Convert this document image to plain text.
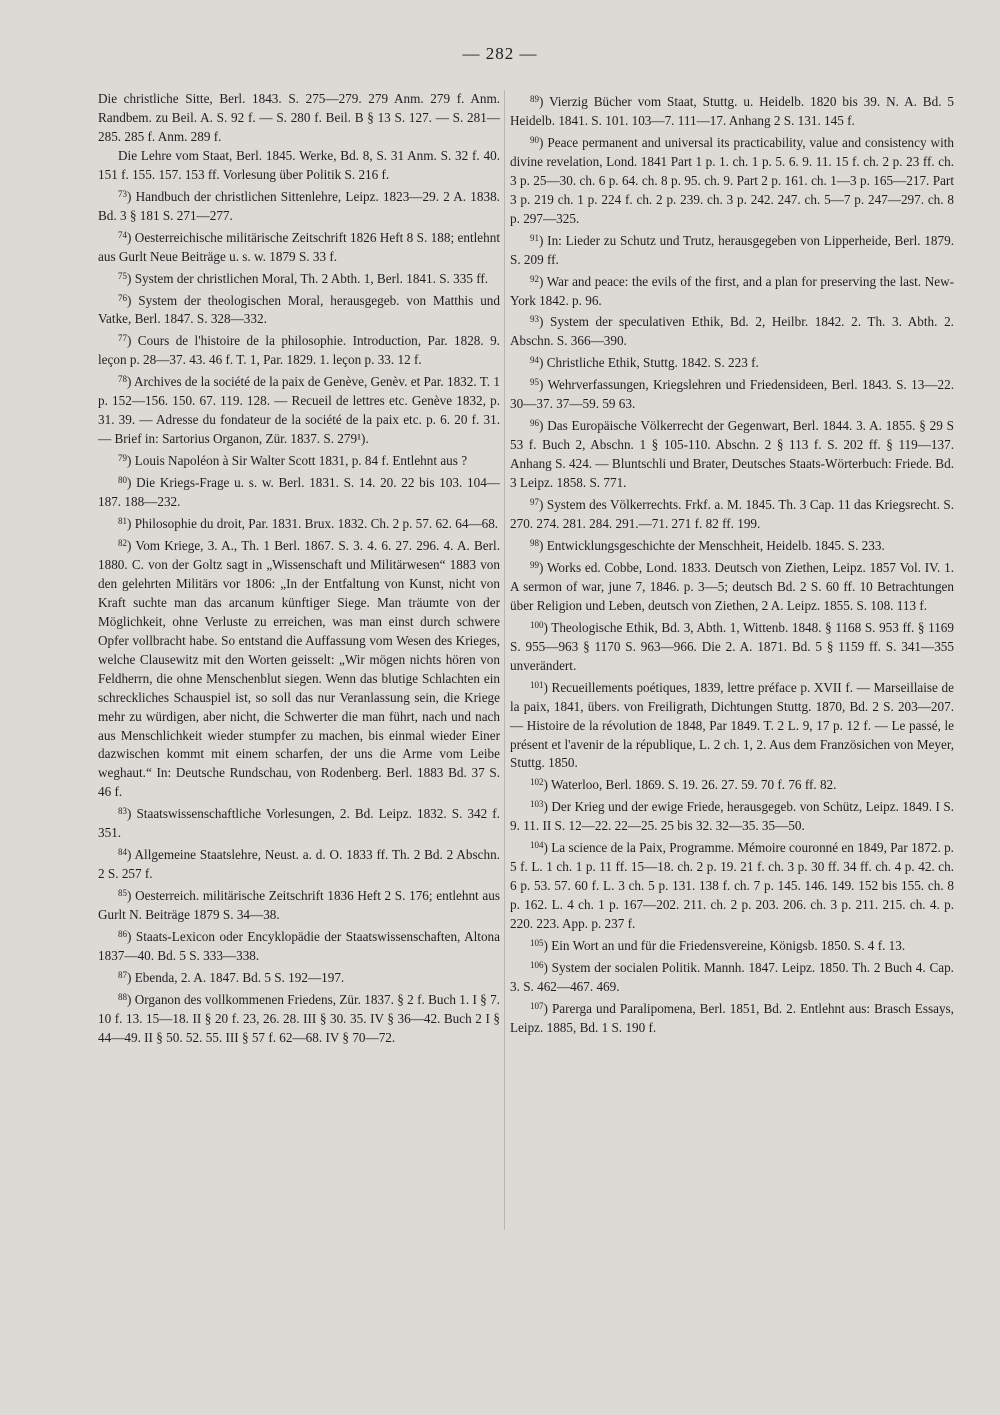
— 282 —

Die christliche Sitte, Berl. 1843. S. 275—279. 279 Anm. 279 f. Anm. Randbem. zu Beil. A. S. 92 f. — S. 280 f. Beil. B § 13 S. 127. — S. 281—285. 285 f. Anm. 289 f.

Die Lehre vom Staat, Berl. 1845. Werke, Bd. 8, S. 31 Anm. S. 32 f. 40. 151 f. 155. 157. 153 ff. Vorlesung über Politik S. 216 f.

$^{73}$) Handbuch der christlichen Sittenlehre, Leipz. 1823—29. 2 A. 1838. Bd. 3 § 181 S. 271—277.

$^{74}$) Oesterreichische militärische Zeitschrift 1826 Heft 8 S. 188; entlehnt aus Gurlt Neue Beiträge u. s. w. 1879 S. 33 f.

$^{75}$) System der christlichen Moral, Th. 2 Abth. 1, Berl. 1841. S. 335 ff.

$^{76}$) System der theologischen Moral, herausgegeb. von Matthis und Vatke, Berl. 1847. S. 328—332.

$^{77}$) Cours de l'histoire de la philosophie. Introduction, Par. 1828. 9. leçon p. 28—37. 43. 46 f. T. 1, Par. 1829. 1. leçon p. 33. 12 f.

$^{78}$) Archives de la société de la paix de Genève, Genèv. et Par. 1832. T. 1 p. 152—156. 150. 67. 119. 128. — Recueil de lettres etc. Genève 1832, p. 31. 39. — Adresse du fondateur de la société de la paix etc. p. 6. 20 f. 31. — Brief in: Sartorius Organon, Zür. 1837. S. 279¹).

$^{79}$) Louis Napoléon à Sir Walter Scott 1831, p. 84 f. Entlehnt aus ?

$^{80}$) Die Kriegs-Frage u. s. w. Berl. 1831. S. 14. 20. 22 bis 103. 104—187. 188—232.

$^{81}$) Philosophie du droit, Par. 1831. Brux. 1832. Ch. 2 p. 57. 62. 64—68.

$^{82}$) Vom Kriege, 3. A., Th. 1 Berl. 1867. S. 3. 4. 6. 27. 296. 4. A. Berl. 1880. C. von der Goltz sagt in „Wissenschaft und Militärwesen“ 1883 von den gelehrten Militärs vor 1806: „In der Entfaltung von Kunst, nicht von Kraft suchte man das arcanum künftiger Siege. Man träumte von der Möglichkeit, ohne Verluste zu erreichen, was man einst durch schwere Opfer vollbracht habe. So entstand die Auffassung vom Wesen des Krieges, welche Clausewitz mit den Worten geisselt: „Wir mögen nichts hören von Feldherrn, die ohne Menschenblut siegen. Wenn das blutige Schlachten ein schreckliches Schauspiel ist, so soll das nur Veranlassung sein, die Kriege mehr zu würdigen, aber nicht, die Schwerter die man führt, nach und nach aus Menschlichkeit wieder stumpfer zu machen, bis einmal wieder Einer dazwischen kommt mit einem scharfen, der uns die Arme vom Leibe weghaut.“ In: Deutsche Rundschau, von Rodenberg. Berl. 1883 Bd. 37 S. 46 f.

$^{83}$) Staatswissenschaftliche Vorlesungen, 2. Bd. Leipz. 1832. S. 342 f. 351.

$^{84}$) Allgemeine Staatslehre, Neust. a. d. O. 1833 ff. Th. 2 Bd. 2 Abschn. 2 S. 257 f.

$^{85}$) Oesterreich. militärische Zeitschrift 1836 Heft 2 S. 176; entlehnt aus Gurlt N. Beiträge 1879 S. 34—38.

$^{86}$) Staats-Lexicon oder Encyklopädie der Staatswissenschaften, Altona 1837—40. Bd. 5 S. 333—338.

$^{87}$) Ebenda, 2. A. 1847. Bd. 5 S. 192—197.

$^{88}$) Organon des vollkommenen Friedens, Zür. 1837. § 2 f. Buch 1. I § 7. 10 f. 13. 15—18. II § 20 f. 23, 26. 28. III § 30. 35. IV § 36—42. Buch 2 I § 44—49. II § 50. 52. 55. III § 57 f. 62—68. IV § 70—72.

$^{89}$) Vierzig Bücher vom Staat, Stuttg. u. Heidelb. 1820 bis 39. N. A. Bd. 5 Heidelb. 1841. S. 101. 103—7. 111—17. Anhang 2 S. 131. 145 f.

$^{90}$) Peace permanent and universal its practicability, value and consistency with divine revelation, Lond. 1841 Part 1 p. 1. ch. 1 p. 5. 6. 9. 11. 15 f. ch. 2 p. 23 ff. ch. 3 p. 25—30. ch. 6 p. 64. ch. 8 p. 95. ch. 9. Part 2 p. 161. ch. 1—3 p. 165—217. Part 3 p. 219 ch. 1 p. 224 f. ch. 2 p. 239. ch. 3 p. 242. 247. ch. 5—7 p. 247—297. ch. 8 p. 297—325.

$^{91}$) In: Lieder zu Schutz und Trutz, herausgegeben von Lipperheide, Berl. 1879. S. 209 ff.

$^{92}$) War and peace: the evils of the first, and a plan for preserving the last. New-York 1842. p. 96.

$^{93}$) System der speculativen Ethik, Bd. 2, Heilbr. 1842. 2. Th. 3. Abth. 2. Abschn. S. 366—390.

$^{94}$) Christliche Ethik, Stuttg. 1842. S. 223 f.

$^{95}$) Wehrverfassungen, Kriegslehren und Friedensideen, Berl. 1843. S. 13—22. 30—37. 37—59. 59 63.

$^{96}$) Das Europäische Völkerrecht der Gegenwart, Berl. 1844. 3. A. 1855. § 29 S 53 f. Buch 2, Abschn. 1 § 105-110. Abschn. 2 § 113 f. S. 202 ff. § 119—137. Anhang S. 424. — Bluntschli und Brater, Deutsches Staats-Wörterbuch: Friede. Bd. 3 Leipz. 1858. S. 771.

$^{97}$) System des Völkerrechts. Frkf. a. M. 1845. Th. 3 Cap. 11 das Kriegsrecht. S. 270. 274. 281. 284. 291.—71. 271 f. 82 ff. 199.

$^{98}$) Entwicklungsgeschichte der Menschheit, Heidelb. 1845. S. 233.

$^{99}$) Works ed. Cobbe, Lond. 1833. Deutsch von Ziethen, Leipz. 1857 Vol. IV. 1. A sermon of war, june 7, 1846. p. 3—5; deutsch Bd. 2 S. 60 ff. 10 Betrachtungen über Religion und Leben, deutsch von Ziethen, 2 A. Leipz. 1855. S. 108. 113 f.

$^{100}$) Theologische Ethik, Bd. 3, Abth. 1, Wittenb. 1848. § 1168 S. 953 ff. § 1169 S. 955—963 § 1170 S. 963—966. Die 2. A. 1871. Bd. 5 § 1159 ff. S. 341—355 unverändert.

$^{101}$) Recueillements poétiques, 1839, lettre préface p. XVII f. — Marseillaise de la paix, 1841, übers. von Freiligrath, Dichtungen Stuttg. 1870, Bd. 2 S. 203—207. — Histoire de la révolution de 1848, Par 1849. T. 2 L. 9, 17 p. 12 f. — Le passé, le présent et l'avenir de la république, L. 2 ch. 1, 2. Aus dem Französichen von Meyer, Stuttg. 1850.

$^{102}$) Waterloo, Berl. 1869. S. 19. 26. 27. 59. 70 f. 76 ff. 82.

$^{103}$) Der Krieg und der ewige Friede, herausgegeb. von Schütz, Leipz. 1849. I S. 9. 11. II S. 12—22. 22—25. 25 bis 32. 32—35. 35—50.

$^{104}$) La science de la Paix, Programme. Mémoire couronné en 1849, Par 1872. p. 5 f. L. 1 ch. 1 p. 11 ff. 15—18. ch. 2 p. 19. 21 f. ch. 3 p. 30 ff. 34 ff. ch. 4 p. 42. ch. 6 p. 53. 57. 60 f. L. 3 ch. 5 p. 131. 138 f. ch. 7 p. 145. 146. 149. 152 bis 155. ch. 8 p. 162. L. 4 ch. 1 p. 167—202. 211. ch. 2 p. 203. 206. ch. 3 p. 211. 215. ch. 4. p. 220. 223. App. p. 237 f.

$^{105}$) Ein Wort an und für die Friedensvereine, Königsb. 1850. S. 4 f. 13.

$^{106}$) System der socialen Politik. Mannh. 1847. Leipz. 1850. Th. 2 Buch 4. Cap. 3. S. 462—467. 469.

$^{107}$) Parerga und Paralipomena, Berl. 1851, Bd. 2. Entlehnt aus: Brasch Essays, Leipz. 1885, Bd. 1 S. 190 f.
